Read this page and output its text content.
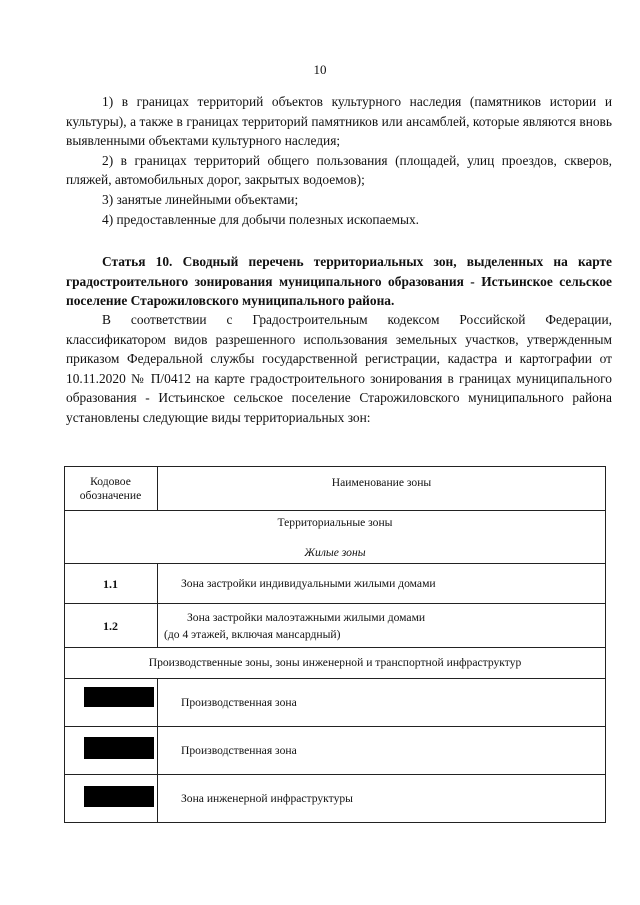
10

1) в границах территорий объектов культурного наследия (памятников истории и культуры), а также в границах территорий памятников или ансамблей, которые являются вновь выявленными объектами культурного наследия;

2) в границах территорий общего пользования (площадей, улиц проездов, скверов, пляжей, автомобильных дорог, закрытых водоемов);

3) занятые линейными объектами;

4) предоставленные для добычи полезных ископаемых.

Статья 10. Сводный перечень территориальных зон, выделенных на карте градостроительного зонирования муниципального образования - Истьинское сельское поселение Старожиловского муниципального района.

В соответствии с Градостроительным кодексом Российской Федерации, классификатором видов разрешенного использования земельных участков, утвержденным приказом Федеральной службы государственной регистрации, кадастра и картографии от 10.11.2020 № П/0412 на карте градостроительного зонирования в границах муниципального образования - Истьинское сельское поселение Старожиловского муниципального района установлены следующие виды территориальных зон:

Кодовое обозначение
Наименование зоны
Территориальные зоны
Жилые зоны
1.1	Зона застройки индивидуальными жилыми домами
1.2
Зона застройки малоэтажными жилыми домами
(до 4 этажей, включая мансардный)
Производственные зоны, зоны инженерной и транспортной инфраструктур
Производственная зона
Производственная зона
Зона инженерной инфраструктуры
